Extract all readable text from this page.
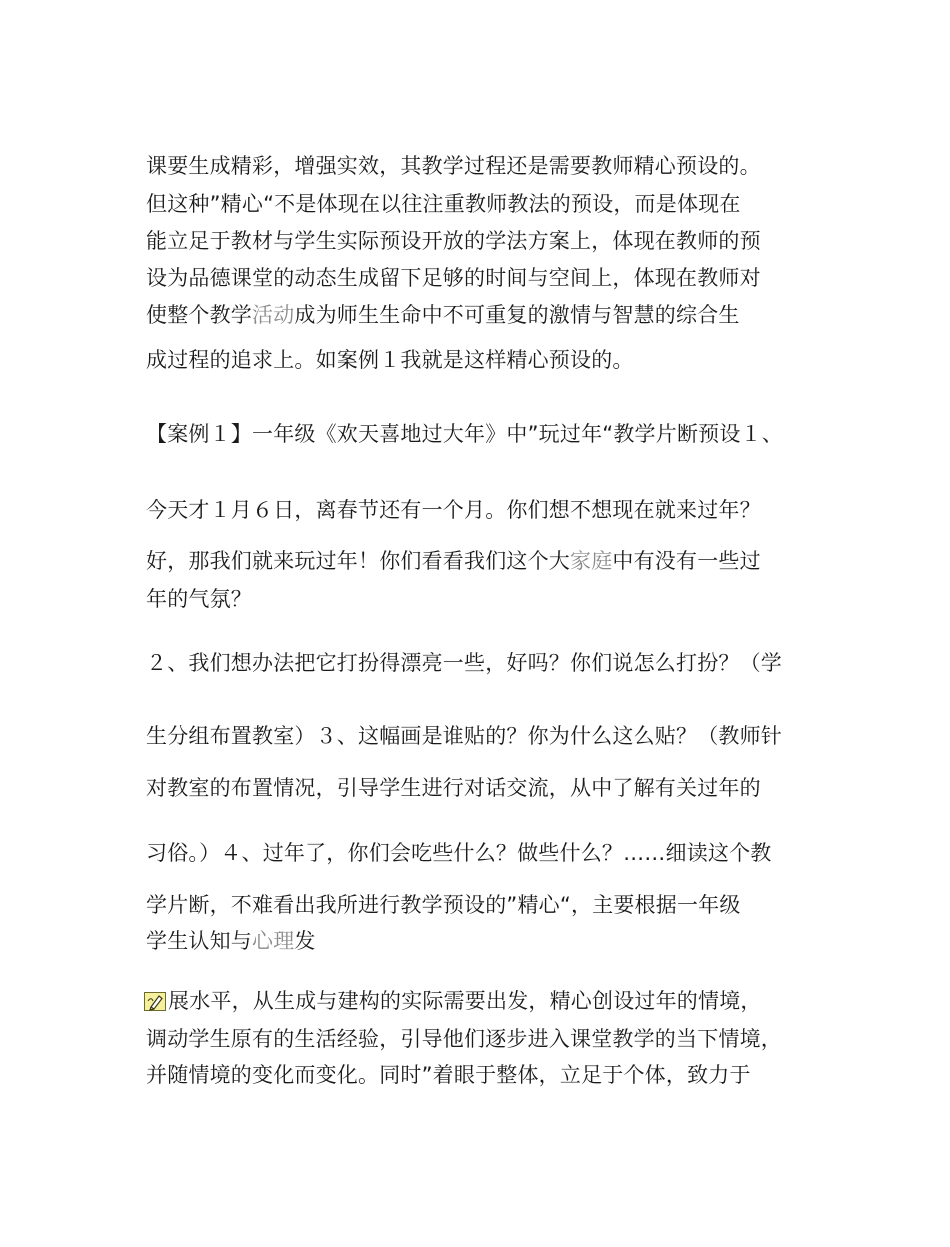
课要生成精彩，增强实效，其教学过程还是需要教师精心预设的。
但这种”精心“不是体现在以往注重教师教法的预设，而是体现在
能立足于教材与学生实际预设开放的学法方案上，体现在教师的预
设为品德课堂的动态生成留下足够的时间与空间上，体现在教师对
使整个教学活动成为师生生命中不可重复的激情与智慧的综合生
成过程的追求上。如案例１我就是这样精心预设的。
【案例１】一年级《欢天喜地过大年》中”玩过年“教学片断预设１、
今天才１月６日，离春节还有一个月。你们想不想现在就来过年？
好，那我们就来玩过年！你们看看我们这个大家庭中有没有一些过
年的气氛？
２、我们想办法把它打扮得漂亮一些，好吗？你们说怎么打扮？（学
生分组布置教室）３、这幅画是谁贴的？你为什么这么贴？（教师针
对教室的布置情况，引导学生进行对话交流，从中了解有关过年的
习俗。）４、过年了，你们会吃些什么？做些什么？……细读这个教
学片断，不难看出我所进行教学预设的”精心“，主要根据一年级
学生认知与心理发
展水平，从生成与建构的实际需要出发，精心创设过年的情境，
调动学生原有的生活经验，引导他们逐步进入课堂教学的当下情境，
并随情境的变化而变化。同时”着眼于整体，立足于个体，致力于
